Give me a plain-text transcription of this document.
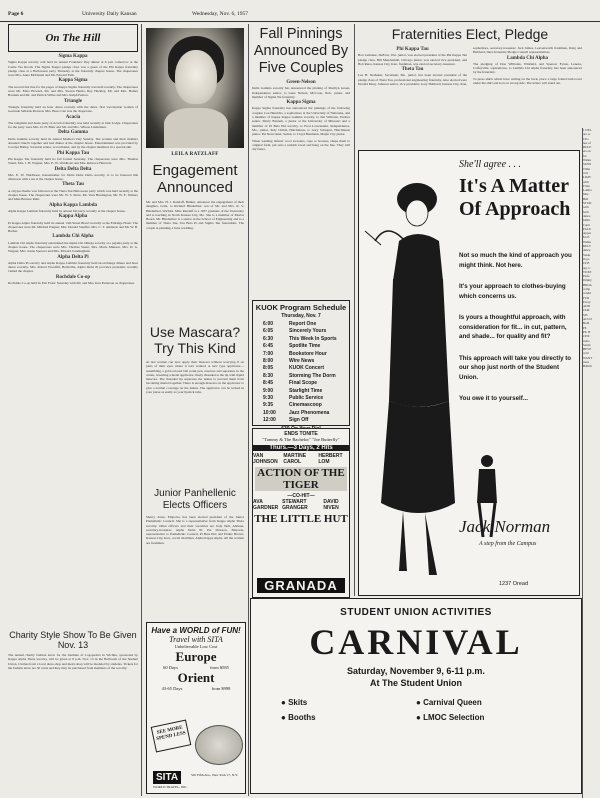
Page 6	University Daily Kansan	Wednesday, Nov. 6, 1957
On The Hill
Sigma Kappa

Sigma Kappa sorority will hold its annual Founders' Day dinner at 6 p.m. tomorrow at the Castle Tea Room. The Sigma Kappa pledge class was a guest of the Phi Kappa fraternity pledge class at a Halloween party Thursday at the fraternity chapter house. The chaperones were Mrs. Anna McDaniel and Mr. Edward Falk.

Kappa Sigma

The second fast line for the pages of Kappa Sigma fraternity was held recently. The chaperones were Mr. Edna Howard, Mr. and Mrs. Steven Harris, Ray Hackley, Mr. and Mrs. Homer Barnum and Mr. and Patrick White and Mrs. Ralph Fenton.

Triangle

Triangle fraternity held an hour dance recently with the dates, first vaccination women of Gertrude Sellards Pearson. Mrs. Bess Cole was the chaperone.

Acacia

The Gingham and Jeans party of Acacia fraternity was held recently at Oak Lodge. Chaperones for the party were Mrs. D. H. Blair and Mr. and Mrs. Wilson Lindarman.

Delta Gamma

Delta Gamma sorority held its annual Mother's Day Sunday. The women and their mothers attended church together and had dinner at the chapter house. Entertainment was provided by Carolyn Bailey, Scranton senior, accordionist, and by the chapter members in a special skit.

Phi Kappa Tau

Phi Kappa Tau fraternity held its fall formal Saturday. The chaperones were Mrs. Thomas Stuart, Mrs. J. H. Wagner, Mrs. E. W. Waldhoen and Mrs. Rebecca Hancock.

Delta Delta Delta

Mrs. E. W. Waldhoen, housemother for Delta Delta Delta sorority, is to be honored this afternoon with a tea at the chapter house.

Theta Tau

A calypso theme was followed at the Theta Tau Halloween party which was held recently at the chapter house. The chaperones were Mr. W. S. Shaw, Mr. Vern Huntington, Mr. W. E. Walters and Miss Bernice Rahl.

Alpha Kappa Lambda

Alpha Kappa Lambda fraternity held its annual fall party recently at the chapter house.

Kappa Alpha

Pi Kappa Alpha fraternity held its annual 13th Street Brawl recently at the Eldridge Hotel. The chaperones were Mr. Mildred Wagner, Mrs. Donald Stauffer, Mrs. C. T. Atkinson and Mr. W. B. Barber.

Lambda Chi Alpha

Lambda Chi Alpha fraternity entertained the Alpha Chi Omega sorority at a pajama party at the chapter house. The chaperones were Mrs. Thomas Stuart, Mrs. Marie Munson, Mrs. D. G. Wagner, Mrs. Jessie Spencer and Mrs. Edward Cunningham.

Alpha Delta Pi

Alpha Delta Pi sorority and Alpha Kappa Lambda fraternity held an exchange dinner and hour dance recently. Mrs. Robert Woodfill, Belleville, Alpha Delta Pi province president, recently visited the chapter.

Rochdale Co-op

Rochdale Co-op held its Fall Frolic Saturday with Mr. and Mrs. Ken Patterson as chaperones.

Charity Style Show To Be Given Nov. 13
The annual charity fashion show for the Institute of Logopedics in Wichita, sponsored by Kappa Alpha Theta sorority, will be given at 8 p.m. Nov. 13 in the Ballroom of the Student Union. Clothes from a local dress shop and men's shop will be modeled by students. Tickets for the fashion show are 50 cents and they may be purchased from members of the sorority.
LEILA RATZLAFF
Engagement Announced
Mr. and Mrs. H. J. Ratzlaff, Buhler, announce the engagement of their daughter, Leila, to Richard Hinderliter, son of Mr. and Mrs. R. V. Hinderliter, Wichita. Miss Ratzlaff is a 1957 graduate of the University and is teaching in North Kansas City, Mo. She is a member of Mortar Board. Mr. Hinderliter is a senior in the School of Engineering and is a member of Theta Tau, Tau Beta Pi and Sigma Tau fraternities. The couple is planning a June wedding.
Use Mascara? Try This Kind
At last women can now apply their mascara without worrying if on parts of their eyes where it isn't wanted. A new type applicator—resembling a gold-colored ball point pen, reserves and separates in the center, revealing a metal applicator, finely threaded at the tip with liquid mascara. The threaded tip separates the lashes to prevent them from becoming matted together. There is enough mascara on the applicator to give a normal coverage on the lashes. The applicator can be tucked in your purse as easily as your lipstick tube.
Junior Panhellenic Elects Officers
Sherry Jones, Emporia, has been elected president of the Junior Panhellenic Council. She is a representative from Kappa Alpha Theta sorority. Other officers and their sororities are Judy Nell, Abilene, secretary-treasurer, Alpha Delta Pi; Pat Dawson, Emporia, representative to Panhellenic Council, Pi Beta Phi; and Elaine Brown, Kansas City, Kan., social chairman, Alpha Kappa Alpha. All the women are freshmen.
Have a WORLD of FUN!
Travel with SITA
Unbelievable Low Cost
Europe
60 Days	from $585
Orient
43-65 Days	from $998
SEE MORE SPEND LESS
SITA
WORLD TRAVEL, INC.
545 Fifth Ave., New York 17, N.Y.
Fall Pinnings Announced By Five Couples
Green-Nelson

Della Gamma sorority has announced the pinning of Marilyn Green, Independence senior, to Gene Nelson, McCook, Neb., junior, and member of Sigma Nu fraternity.

Kappa Sigma

Kappa Sigma fraternity has announced the pinnings of the following couples: Lea Henrichs, a sophomore at the University of Nebraska, and a member of Kappa Kappa Gamma sorority, to Jim Wilhoite, Eudora senior. Marty Bennett, a junior at the University of Missouri and a member of Pi Beta Phi sorority, to Fred Lowenstein, Independence, Mo., junior. Judy Childs, Hutchinson, to Gary Schugart, Hutchinson junior. Pat Newcomer, Sedan, to Lloyd Baumann, Maple City junior.

When washing infants' wool sweaters, caps or bootees, shape them to original form, pin onto a turkish towel and hang on the line. They will dry faster.

KUOK Program Schedule
Thursday, Nov. 7
6:00	Report One
6:05	Sincerely Yours
6:30	This Week In Sports
6:45	Spotlite Time
7:00	Bookstore Hour
8:00	Wire News
8:05	KUOK Concert
8:30	Storming The Dorm
8:45	Final Scope
9:00	Starlight Time
9:30	Public Service
9:35	Cinemascoop
10:00	Jazz Phenomena
12:00	Sign Off
ENDS TONITE
"Tammy & The Bachelor" "Joe Butterfly"
Thurs.—3 Days, 2 Hits
VAN JOHNSON
MARTINE CAROL
HERBERT LOM
ACTION OF THE TIGER
—CO-HIT—
AVA GARDNER
STEWART GRANGER
DAVID NIVEN
THE LITTLE HUT
GRANADA
Fraternities Elect, Pledge
Phi Kappa Tau

Bob Lemoine, DeForn, Wis. junior, was elected president of the Phi Kappa Tau pledge class. Bill Mendenhall, Chicago junior, was elected vice president, and Bob Reno, Kansas City, Kan. freshman, was elected secretary-treasurer.

Theta Tau

Lee H. Nethaker, Savannah, Mo. junior, has been elected president of the pledge class of Theta Tau, professional engineering fraternity. Also elected were Donald King, Johnson senior, vice president; Gary Hubbard, Kansas City, Kan. sophomore, secretary-treasurer; Jack James, Leavenworth freshman, King and Hubbard, Inter-fraternity Pledge Council representatives.

Lambda Chi Alpha

The pledging of Don Williams, Winfield, and Spencer Evans, Lenexa, Coffeyville, sophomores, to Lambda Chi Alpha fraternity has been announced by the fraternity.

To press shirts which have writing on the back, place a large folded bath towel under the shirt and iron on wrong side. The letters will stand out.

She'll agree . . .
It's A Matter Of Approach
Not so much the kind of approach you might think. Not here.
It's your approach to clothes-buying which concerns us.
Is yours a thoughtful approach, with consideration for fit... in cut, pattern, and shade... for quality and fit?
This approach will take you directly to our shop just north of the Student Union.
You owe it to yourself...
Jack Norman
A step from the Campus
1237 Oread
STUDENT UNION ACTIVITIES
CARNIVAL
Saturday, November 9, 6-11 p.m.
At The Student Union
● Skits	● Carnival Queen
● Booths	● LMOC Selection
1 DEL
are or
CIG
nes of
RULE
ers on
for
Walke
SUNS
Tribu
call.
LIGH
with
Frida
LARG
blue
Bell
STUD
with
both
dance
GIRL
Capit
FACU
Appar
$125
Walke
RELV
dance
Steak
in go
1935
tag, C
TUXE
Perfe
Jimmy
BROA
comp
condit
FUR
Every
ADD
1949
SIS
ACCO
Both
Ph
Ph. H
1950
radio
Sands
BEVE
cold
WANT
rates
Ballrm
